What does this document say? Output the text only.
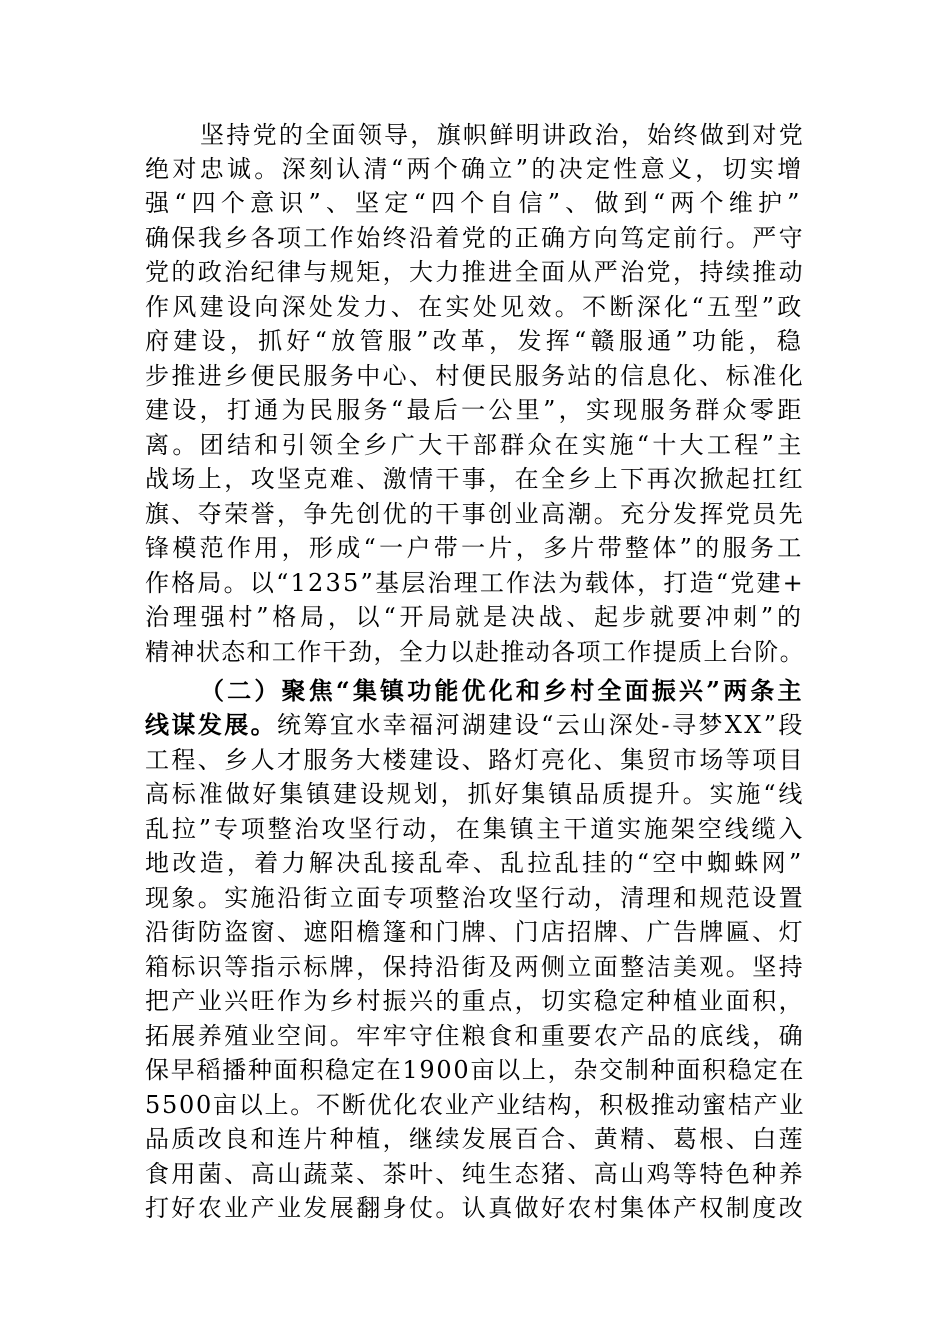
坚持党的全面领导，旗帜鲜明讲政治，始终做到对党
绝对忠诚。深刻认清“两个确立”的决定性意义，切实增
强“四个意识”、坚定“四个自信”、做到“两个维护”
确保我乡各项工作始终沿着党的正确方向笃定前行。严守
党的政治纪律与规矩，大力推进全面从严治党，持续推动
作风建设向深处发力、在实处见效。不断深化“五型”政
府建设，抓好“放管服”改革，发挥“赣服通”功能，稳
步推进乡便民服务中心、村便民服务站的信息化、标准化
建设，打通为民服务“最后一公里”，实现服务群众零距
离。团结和引领全乡广大干部群众在实施“十大工程”主
战场上，攻坚克难、激情干事，在全乡上下再次掀起扛红
旗、夺荣誉，争先创优的干事创业高潮。充分发挥党员先
锋模范作用，形成“一户带一片，多片带整体”的服务工
作格局。以“1235”基层治理工作法为载体，打造“党建+
治理强村”格局，以“开局就是决战、起步就要冲刺”的
精神状态和工作干劲，全力以赴推动各项工作提质上台阶。
（二）聚焦“集镇功能优化和乡村全面振兴”两条主
线谋发展。统筹宜水幸福河湖建设“云山深处-寻梦XX”段
工程、乡人才服务大楼建设、路灯亮化、集贸市场等项目
高标准做好集镇建设规划，抓好集镇品质提升。实施“线
乱拉”专项整治攻坚行动，在集镇主干道实施架空线缆入
地改造，着力解决乱接乱牵、乱拉乱挂的“空中蜘蛛网”
现象。实施沿街立面专项整治攻坚行动，清理和规范设置
沿街防盗窗、遮阳檐篷和门牌、门店招牌、广告牌匾、灯
箱标识等指示标牌，保持沿街及两侧立面整洁美观。坚持
把产业兴旺作为乡村振兴的重点，切实稳定种植业面积，
拓展养殖业空间。牢牢守住粮食和重要农产品的底线，确
保早稻播种面积稳定在1900亩以上，杂交制种面积稳定在
5500亩以上。不断优化农业产业结构，积极推动蜜桔产业
品质改良和连片种植，继续发展百合、黄精、葛根、白莲
食用菌、高山蔬菜、茶叶、纯生态猪、高山鸡等特色种养
打好农业产业发展翻身仗。认真做好农村集体产权制度改
